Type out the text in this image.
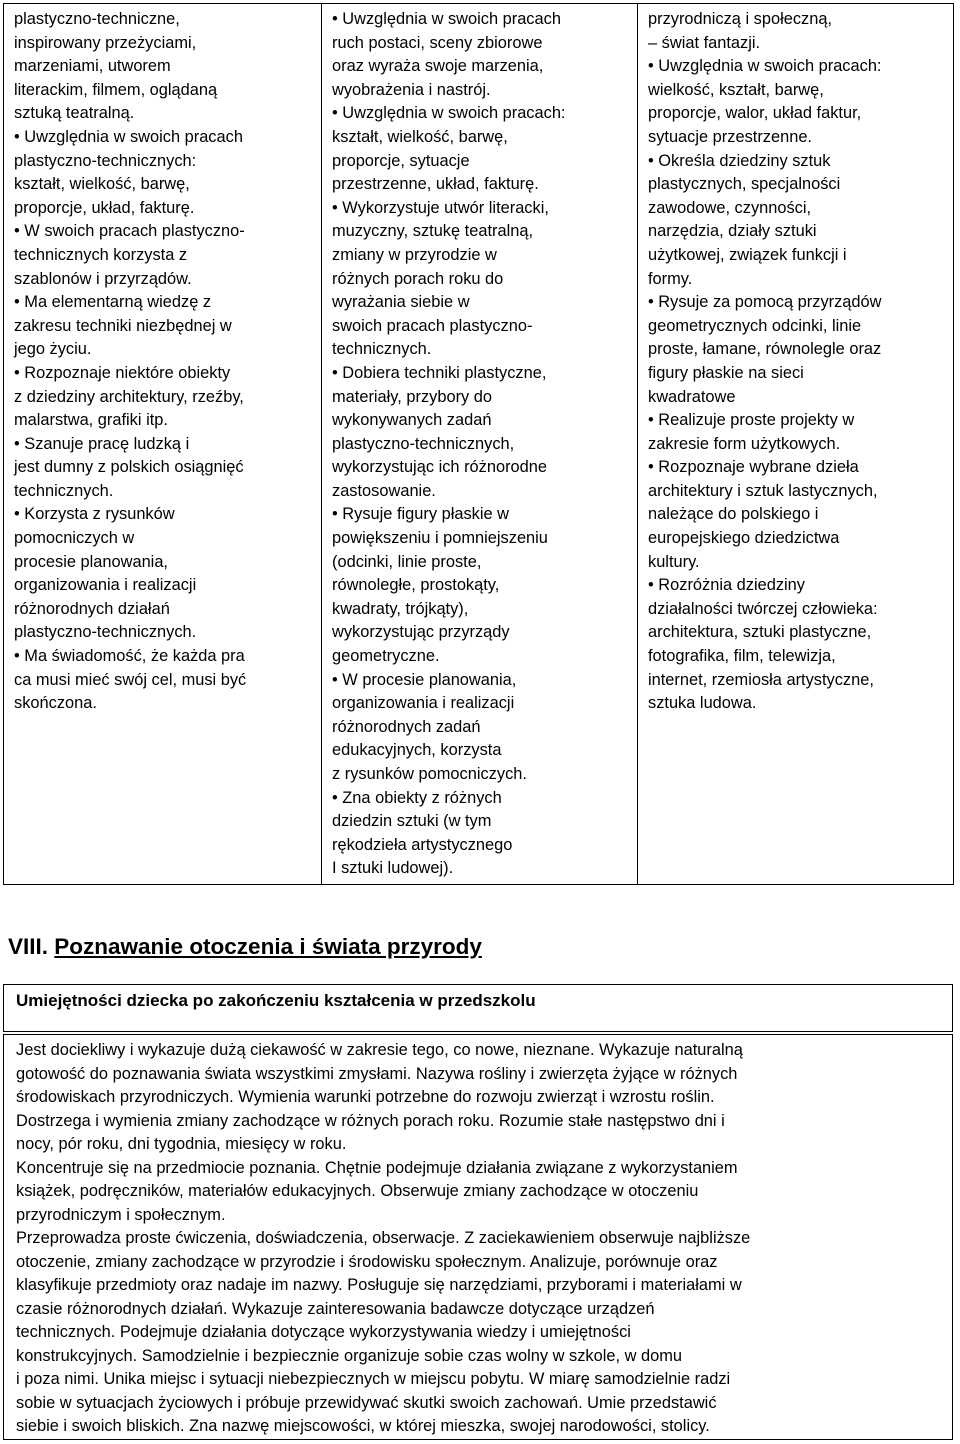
plastyczno-techniczne,
inspirowany przeżyciami,
marzeniami, utworem
literackim, filmem, oglądaną
sztuką teatralną.
• Uwzględnia w swoich pracach
plastyczno-technicznych:
kształt, wielkość, barwę,
proporcje, układ, fakturę.
• W swoich pracach plastyczno-
technicznych korzysta z
szablonów i przyrządów.
• Ma elementarną wiedzę z
zakresu techniki niezbędnej w
jego życiu.
• Rozpoznaje niektóre obiekty
z dziedziny architektury, rzeźby,
malarstwa, grafiki itp.
• Szanuje pracę ludzką i
jest dumny z polskich osiągnięć
technicznych.
• Korzysta z rysunków
pomocniczych w
procesie planowania,
organizowania i realizacji
różnorodnych działań
plastyczno-technicznych.
• Ma świadomość, że każda pra
ca musi mieć swój cel, musi być
skończona.

• Uwzględnia w swoich pracach
ruch postaci, sceny zbiorowe
oraz wyraża swoje marzenia,
wyobrażenia i nastrój.
• Uwzględnia w swoich pracach:
kształt, wielkość, barwę,
proporcje, sytuacje
przestrzenne, układ, fakturę.
• Wykorzystuje utwór literacki,
muzyczny, sztukę teatralną,
zmiany w przyrodzie w
różnych porach roku do
wyrażania siebie w
swoich pracach plastyczno-
technicznych.
• Dobiera techniki plastyczne,
materiały, przybory do
wykonywanych zadań
plastyczno-technicznych,
wykorzystując ich różnorodne
zastosowanie.
• Rysuje figury płaskie w
powiększeniu i pomniejszeniu
(odcinki, linie proste,
równoległe, prostokąty,
kwadraty, trójkąty),
wykorzystując przyrządy
geometryczne.
• W procesie planowania,
organizowania i realizacji
różnorodnych zadań
edukacyjnych, korzysta
z rysunków pomocniczych.
• Zna obiekty z różnych
dziedzin sztuki (w tym
rękodzieła artystycznego
I sztuki ludowej).

przyrodniczą i społeczną,
– świat fantazji.
• Uwzględnia w swoich pracach:
wielkość, kształt, barwę,
proporcje, walor, układ faktur,
sytuacje przestrzenne.
• Określa dziedziny sztuk
plastycznych, specjalności
zawodowe, czynności,
narzędzia, działy sztuki
użytkowej, związek funkcji i
formy.
• Rysuje za pomocą przyrządów
geometrycznych odcinki, linie
proste, łamane, równolegle oraz
figury płaskie na sieci
kwadratowe
• Realizuje proste projekty w
zakresie form użytkowych.
• Rozpoznaje wybrane dzieła
architektury i sztuk lastycznych,
należące do polskiego i
europejskiego dziedzictwa
kultury.
• Rozróżnia dziedziny
działalności twórczej człowieka:
architektura, sztuki plastyczne,
fotografika, film, telewizja,
internet, rzemiosła artystyczne,
sztuka ludowa.
VIII. Poznawanie otoczenia i świata przyrody
Umiejętności dziecka po zakończeniu kształcenia w przedszkolu
Jest dociekliwy i wykazuje dużą ciekawość w zakresie tego, co nowe, nieznane. Wykazuje naturalną
gotowość do poznawania świata wszystkimi zmysłami. Nazywa rośliny i zwierzęta żyjące w różnych
środowiskach przyrodniczych. Wymienia warunki potrzebne do rozwoju zwierząt i wzrostu roślin.
Dostrzega i wymienia zmiany zachodzące w różnych porach roku. Rozumie stałe następstwo dni i
nocy, pór roku, dni tygodnia, miesięcy w roku.
Koncentruje się na przedmiocie poznania. Chętnie podejmuje działania związane z wykorzystaniem
książek, podręczników, materiałów edukacyjnych. Obserwuje zmiany zachodzące w otoczeniu
przyrodniczym i społecznym.
Przeprowadza proste ćwiczenia, doświadczenia, obserwacje. Z zaciekawieniem obserwuje najbliższe
otoczenie, zmiany zachodzące w przyrodzie i środowisku społecznym. Analizuje, porównuje oraz
klasyfikuje przedmioty oraz nadaje im nazwy. Posługuje się narzędziami, przyborami i materiałami w
czasie różnorodnych działań. Wykazuje zainteresowania badawcze dotyczące urządzeń
technicznych. Podejmuje działania dotyczące wykorzystywania wiedzy i umiejętności
konstrukcyjnych. Samodzielnie i bezpiecznie organizuje sobie czas wolny w szkole, w domu
i poza nimi. Unika miejsc i sytuacji niebezpiecznych w miejscu pobytu. W miarę samodzielnie radzi
sobie w sytuacjach życiowych i próbuje przewidywać skutki swoich zachowań. Umie przedstawić
siebie i swoich bliskich. Zna nazwę miejscowości, w której mieszka, swojej narodowości, stolicy.
